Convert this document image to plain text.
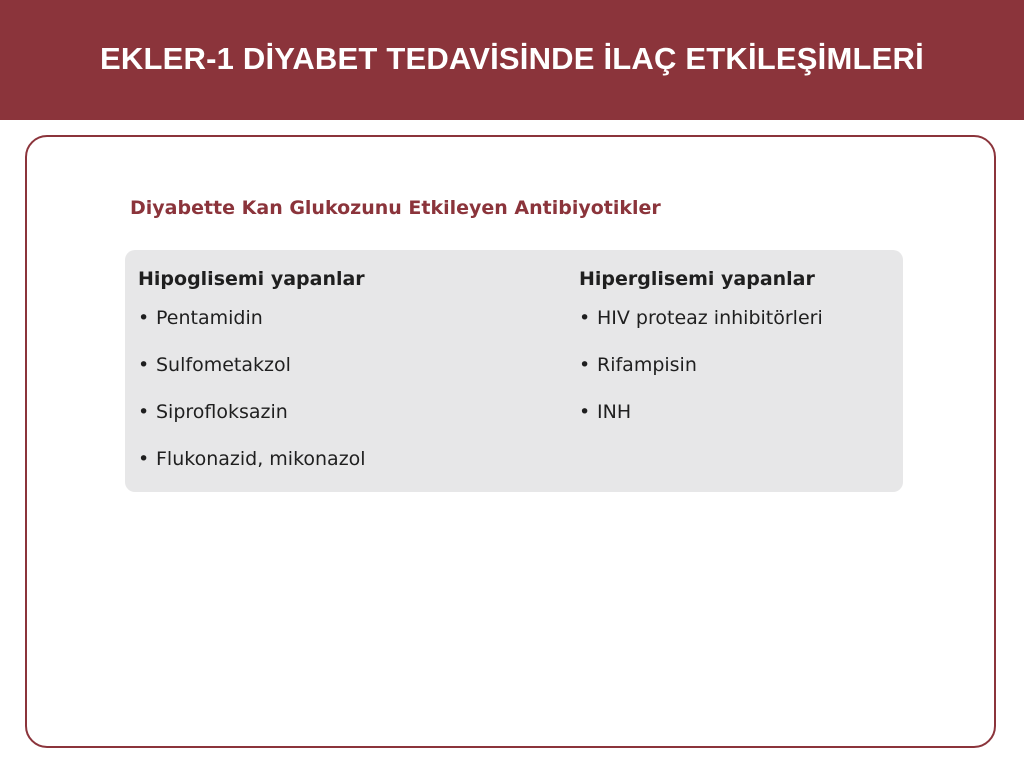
EKLER-1 DİYABET TEDAVİSİNDE İLAÇ ETKİLEŞİMLERİ
Diyabette Kan Glukozunu Etkileyen Antibiyotikler
Hipoglisemi yapanlar
• Pentamidin
• Sulfometakzol
• Siprofloksazin
• Flukonazid, mikonazol
Hiperglisemi yapanlar
• HIV proteaz inhibitörleri
• Rifampisin
• INH
